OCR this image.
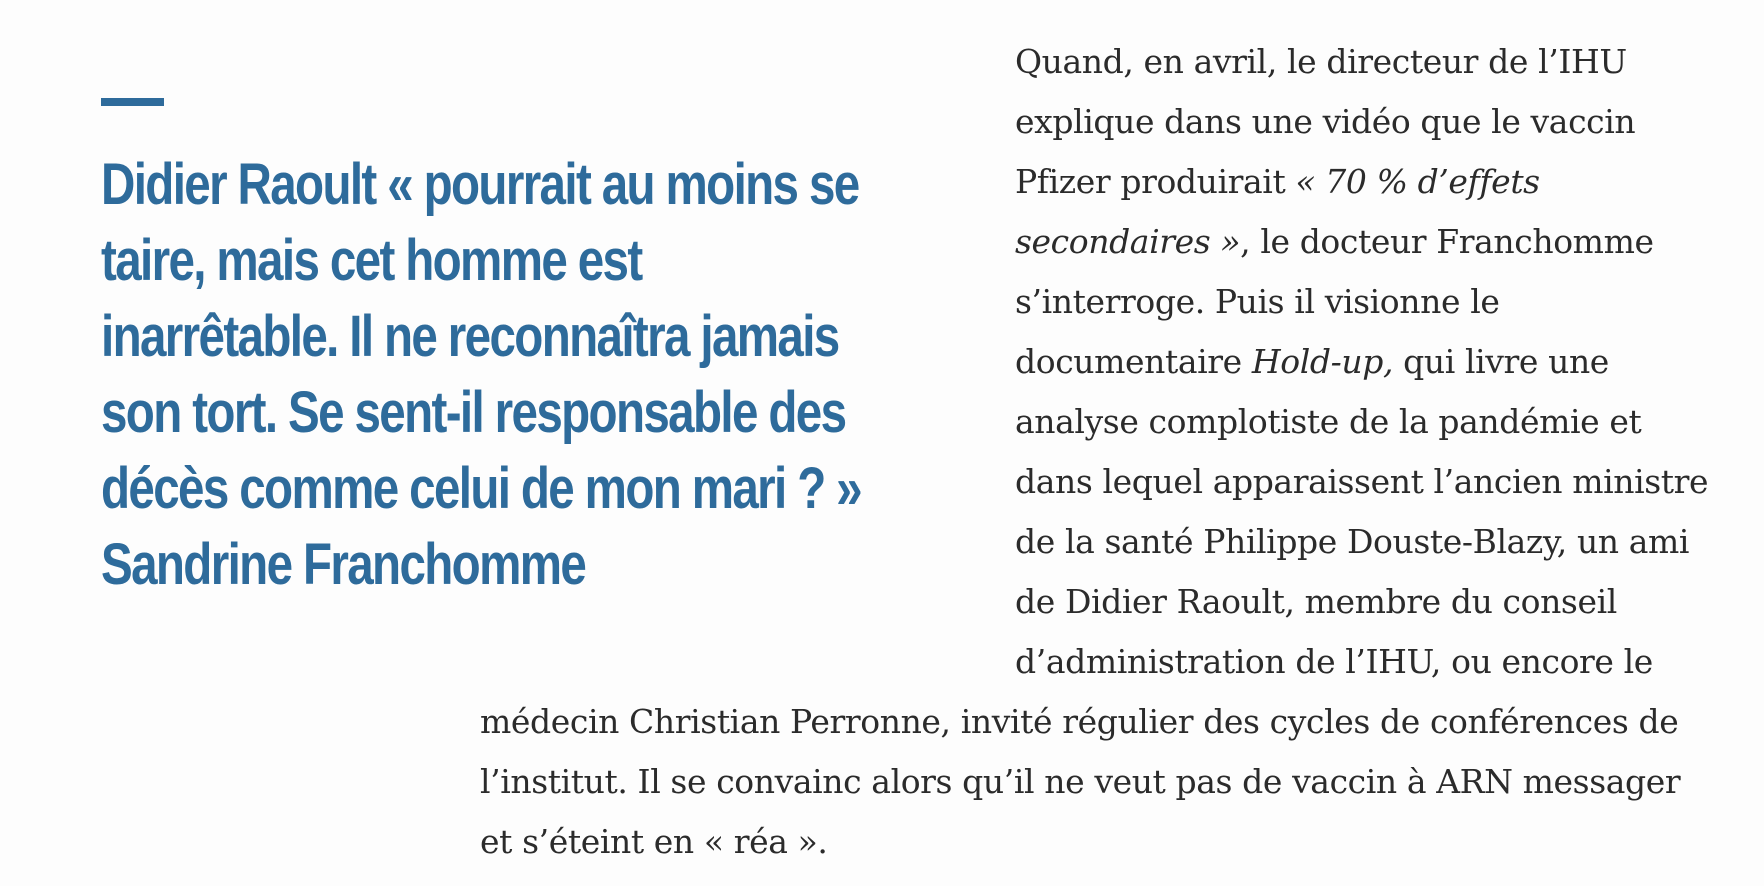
Didier Raoult « pourrait au moins se
taire, mais cet homme est
inarrêtable. Il ne reconnaîtra jamais
son tort. Se sent-il responsable des
décès comme celui de mon mari ? »
Sandrine Franchomme

Quand, en avril, le directeur de l’IHU
explique dans une vidéo que le vaccin
Pfizer produirait « 70 % d’effets
secondaires », le docteur Franchomme
s’interroge. Puis il visionne le
documentaire Hold-up, qui livre une
analyse complotiste de la pandémie et
dans lequel apparaissent l’ancien ministre
de la santé Philippe Douste-Blazy, un ami
de Didier Raoult, membre du conseil
d’administration de l’IHU, ou encore le
médecin Christian Perronne, invité régulier des cycles de conférences de
l’institut. Il se convainc alors qu’il ne veut pas de vaccin à ARN messager
et s’éteint en « réa ».
